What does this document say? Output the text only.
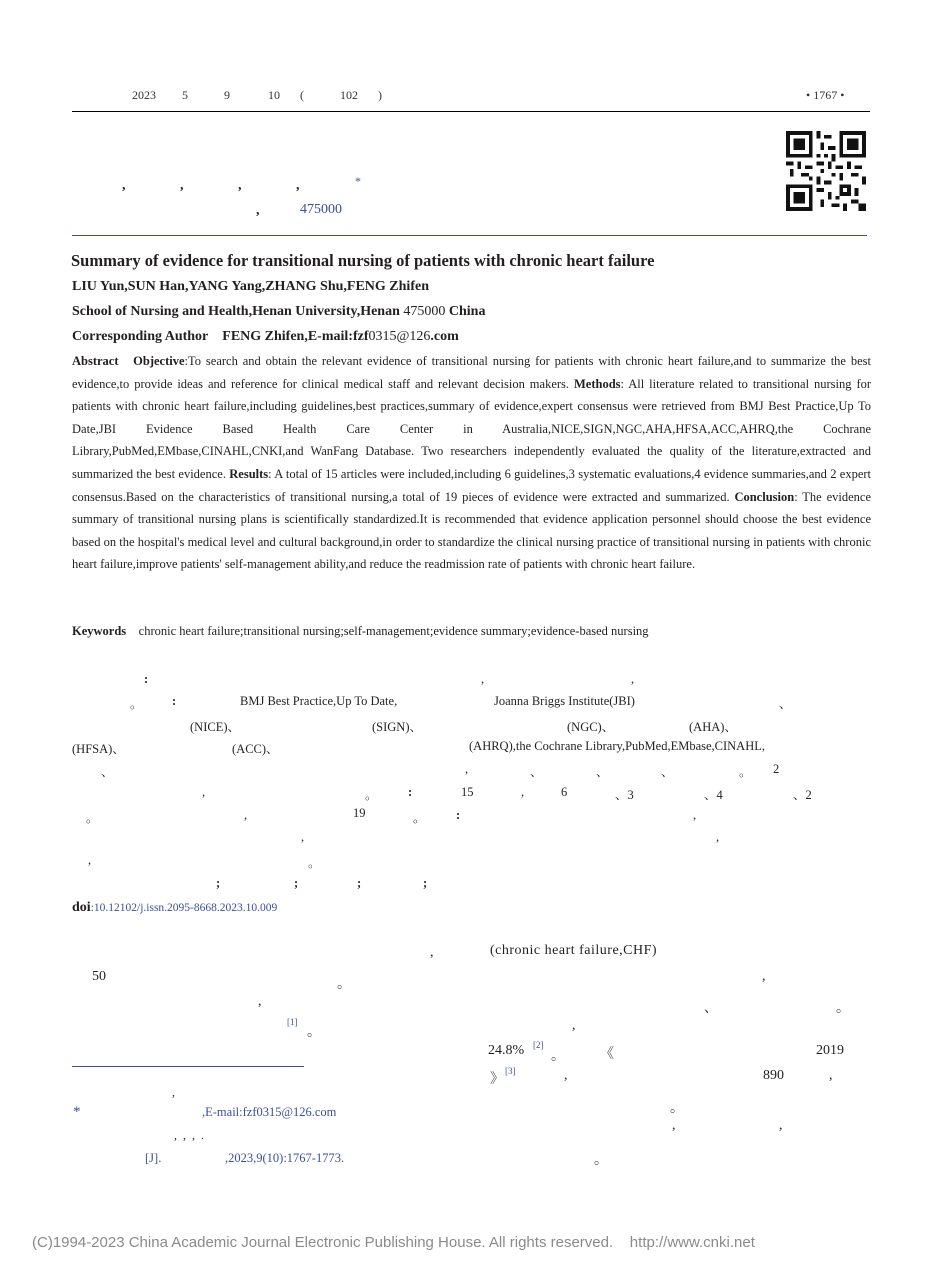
2023 5	9	10 (	102 )	• 1767 •
,	,	,	,	*
,	475000
Summary of evidence for transitional nursing of patients with chronic heart failure
LIU Yun,SUN Han,YANG Yang,ZHANG Shu,FENG Zhifen
School of Nursing and Health,Henan University,Henan 475000 China
Corresponding Author FENG Zhifen,E-mail:fzf0315@126.com
Abstract Objective:To search and obtain the relevant evidence of transitional nursing for patients with chronic heart failure,and to summarize the best evidence,to provide ideas and reference for clinical medical staff and relevant decision makers. Methods: All literature related to transitional nursing for patients with chronic heart failure,including guidelines,best practices,summary of evidence,expert consensus were retrieved from BMJ Best Practice,Up To Date,JBI Evidence Based Health Care Center in Australia,NICE,SIGN,NGC,AHA,HFSA,ACC,AHRQ,the Cochrane Library,PubMed,EMbase,CINAHL,CNKI,and WanFang Database. Two researchers independently evaluated the quality of the literature,extracted and summarized the best evidence. Results: A total of 15 articles were included,including 6 guidelines,3 systematic evaluations,4 evidence summaries,and 2 expert consensus.Based on the characteristics of transitional nursing,a total of 19 pieces of evidence were extracted and summarized. Conclusion: The evidence summary of transitional nursing plans is scientifically standardized.It is recommended that evidence application personnel should choose the best evidence based on the hospital's medical level and cultural background,in order to standardize the clinical nursing practice of transitional nursing in patients with chronic heart failure,improve patients' self-management ability,and reduce the readmission rate of patients with chronic heart failure.
Keywords chronic heart failure;transitional nursing;self-management;evidence summary;evidence-based nursing
:	,	,
。 :	BMJ Best Practice,Up To Date,	Joanna Briggs Institute(JBI)	、
(NICE)、	(SIGN)、	(NGC)、	(AHA)、
(HFSA)、	(ACC)、	(AHRQ),the Cochrane Library,PubMed,EMbase,CINAHL,
、	,	、	、	、	。 2
,	。 :	15	,	6	、3	、4	、2
。	,	19	。 :	,
,	,
,	。
;	;	;	;
doi:10.12102/j.issn.2095-8668.2023.10.009
,	(chronic heart failure,CHF)
50
。
,
,	、	。
[1]
。	,
24.8% [2]
。	《	2019
》
[3]	,	890	,
。
,	,
。
,
*	,E-mail:fzf0315@126.com
,  ,  ,  .
[J].	,2023,9(10):1767-1773.
(C)1994-2023 China Academic Journal Electronic Publishing House. All rights reserved.    http://www.cnki.net
